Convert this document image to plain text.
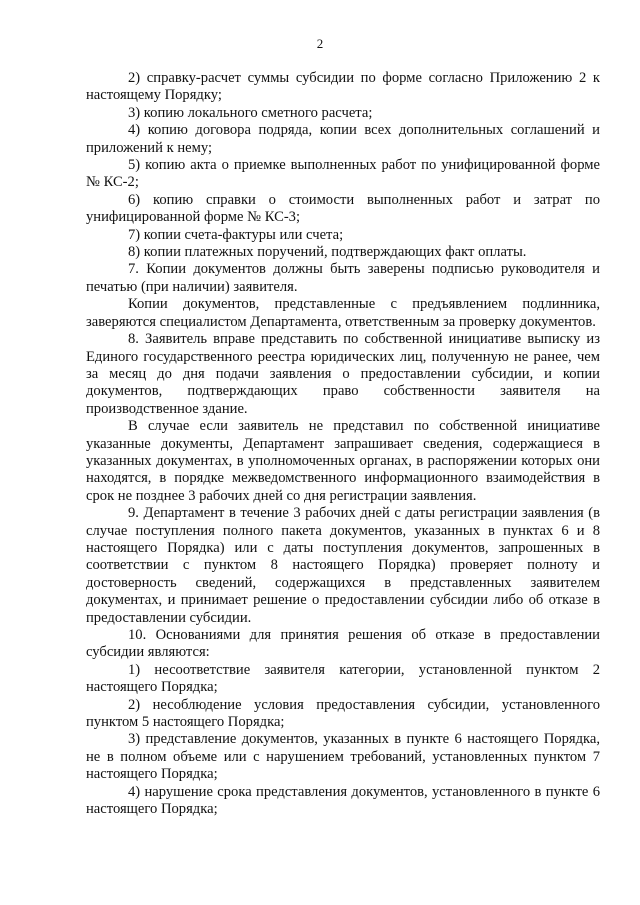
2

2) справку-расчет суммы субсидии по форме согласно Приложению 2 к настоящему Порядку;

3) копию локального сметного расчета;

4) копию договора подряда, копии всех дополнительных соглашений и приложений к нему;

5) копию акта о приемке выполненных работ по унифицированной форме № КС-2;

6) копию справки о стоимости выполненных работ и затрат по унифицированной форме № КС-3;

7) копии счета-фактуры или счета;

8) копии платежных поручений, подтверждающих факт оплаты.

7. Копии документов должны быть заверены подписью руководителя и печатью (при наличии) заявителя.

Копии документов, представленные с предъявлением подлинника, заверяются специалистом Департамента, ответственным за проверку документов.

8. Заявитель вправе представить по собственной инициативе выписку из Единого государственного реестра юридических лиц, полученную не ранее, чем за месяц до дня подачи заявления о предоставлении субсидии, и копии документов, подтверждающих право собственности заявителя на производственное здание.

В случае если заявитель не представил по собственной инициативе указанные документы, Департамент запрашивает сведения, содержащиеся в указанных документах, в уполномоченных органах, в распоряжении которых они находятся, в порядке межведомственного информационного взаимодействия в срок не позднее 3 рабочих дней со дня регистрации заявления.

9. Департамент в течение 3 рабочих дней с даты регистрации заявления (в случае поступления полного пакета документов, указанных в пунктах 6 и 8 настоящего Порядка) или с даты поступления документов, запрошенных в соответствии с пунктом 8 настоящего Порядка) проверяет полноту и достоверность сведений, содержащихся в представленных заявителем документах, и принимает решение о предоставлении субсидии либо об отказе в предоставлении субсидии.

10. Основаниями для принятия решения об отказе в предоставлении субсидии являются:

1) несоответствие заявителя категории, установленной пунктом 2 настоящего Порядка;

2) несоблюдение условия предоставления субсидии, установленного пунктом 5 настоящего Порядка;

3) представление документов, указанных в пункте 6 настоящего Порядка, не в полном объеме или с нарушением требований, установленных пунктом 7 настоящего Порядка;

4) нарушение срока представления документов, установленного в пункте 6 настоящего Порядка;
